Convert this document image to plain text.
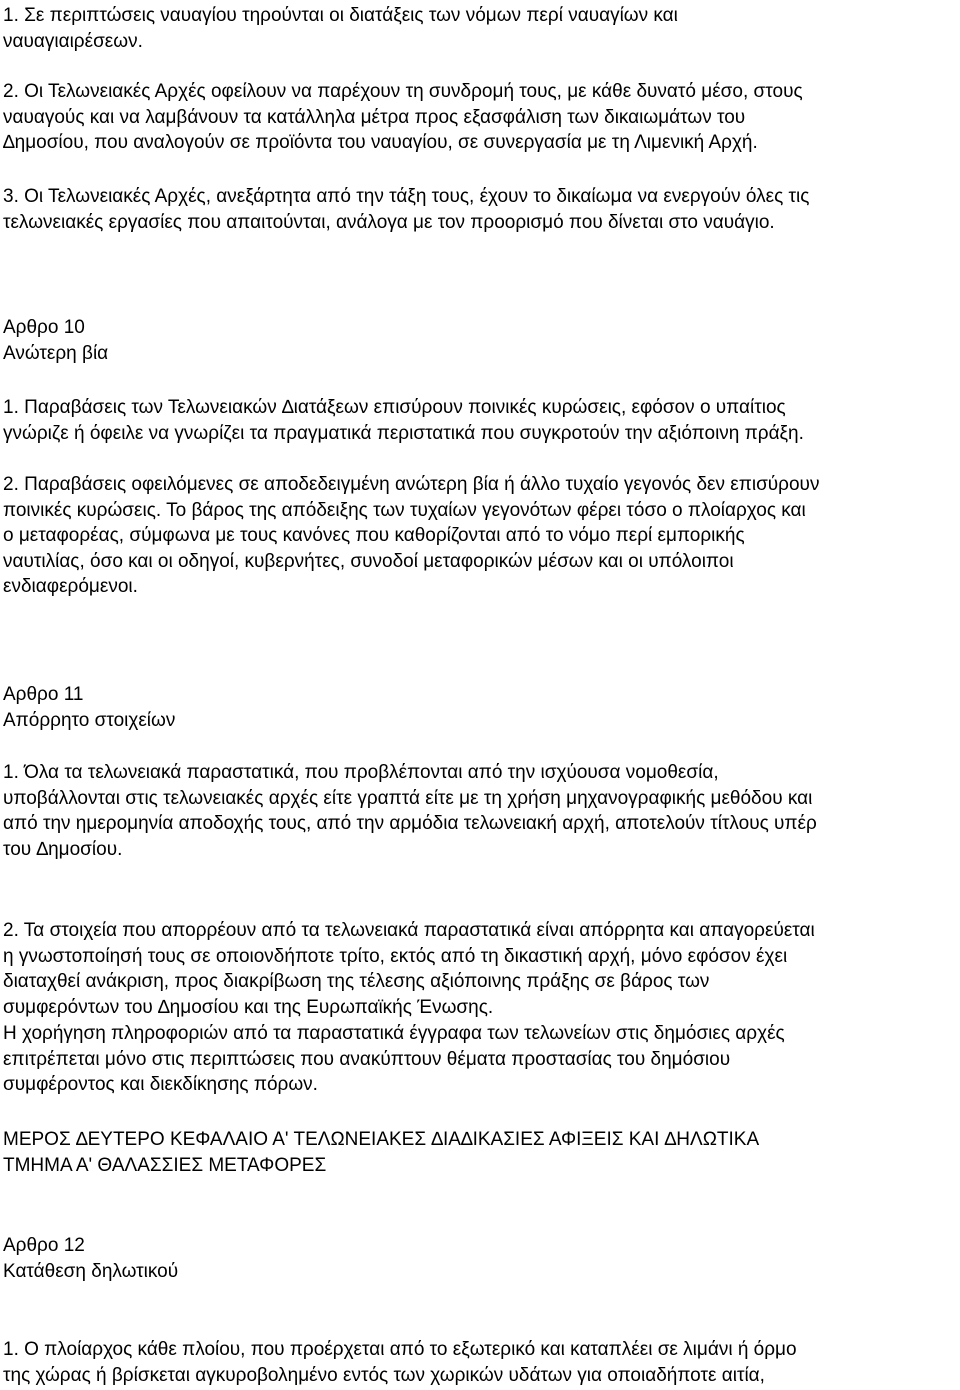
1. Σε περιπτώσεις ναυαγίου τηρούνται οι διατάξεις των νόμων περί ναυαγίων και
ναυαγιαιρέσεων.

2. Οι Τελωνειακές Αρχές οφείλουν να παρέχουν τη συνδρομή τους, με κάθε δυνατό μέσο, στους
ναυαγούς και να λαμβάνουν τα κατάλληλα μέτρα προς εξασφάλιση των δικαιωμάτων του
∆ημοσίου, που αναλογούν σε προϊόντα του ναυαγίου, σε συνεργασία με τη Λιμενική Αρχή.

3. Οι Τελωνειακές Αρχές, ανεξάρτητα από την τάξη τους, έχουν το δικαίωμα να ενεργούν όλες τις
τελωνειακές εργασίες που απαιτούνται, ανάλογα με τον προορισμό που δίνεται στο ναυάγιο.

Αρθρο 10
Ανώτερη βία

1. Παραβάσεις των Τελωνειακών ∆ιατάξεων επισύρουν ποινικές κυρώσεις, εφόσον ο υπαίτιος
γνώριζε ή όφειλε να γνωρίζει τα πραγματικά περιστατικά που συγκροτούν την αξιόποινη πράξη.

2. Παραβάσεις οφειλόμενες σε αποδεδειγμένη ανώτερη βία ή άλλο τυχαίο γεγονός δεν επισύρουν
ποινικές κυρώσεις. Το βάρος της απόδειξης των τυχαίων γεγονότων φέρει τόσο ο πλοίαρχος και
ο μεταφορέας, σύμφωνα με τους κανόνες που καθορίζονται από το νόμο περί εμπορικής
ναυτιλίας, όσο και οι οδηγοί, κυβερνήτες, συνοδοί μεταφορικών μέσων και οι υπόλοιποι
ενδιαφερόμενοι.

Αρθρο 11
Απόρρητο στοιχείων

1. Όλα τα τελωνειακά παραστατικά, που προβλέπονται από την ισχύουσα νομοθεσία,
υποβάλλονται στις τελωνειακές αρχές είτε γραπτά είτε με τη χρήση μηχανογραφικής μεθόδου και
από την ημερομηνία αποδοχής τους, από την αρμόδια τελωνειακή αρχή, αποτελούν τίτλους υπέρ
του ∆ημοσίου.

2. Τα στοιχεία που απορρέουν από τα τελωνειακά παραστατικά είναι απόρρητα και απαγορεύεται
η γνωστοποίησή τους σε οποιονδήποτε τρίτο, εκτός από τη δικαστική αρχή, μόνο εφόσον έχει
διαταχθεί ανάκριση, προς διακρίβωση της τέλεσης αξιόποινης πράξης σε βάρος των
συμφερόντων του ∆ημοσίου και της Ευρωπαϊκής Ένωσης.

Η χορήγηση πληροφοριών από τα παραστατικά έγγραφα των τελωνείων στις δημόσιες αρχές
επιτρέπεται μόνο στις περιπτώσεις που ανακύπτουν θέματα προστασίας του δημόσιου
συμφέροντος και διεκδίκησης πόρων.

ΜΕΡΟΣ ∆ΕΥΤΕΡΟ ΚΕΦΑΛΑΙΟ Α' ΤΕΛΩΝΕΙΑΚΕΣ ∆ΙΑ∆ΙΚΑΣΙΕΣ ΑΦΙΞΕΙΣ ΚΑΙ ∆ΗΛΩΤΙΚΑ
ΤΜΗΜΑ Α' ΘΑΛΑΣΣΙΕΣ ΜΕΤΑΦΟΡΕΣ
Αρθρο 12
Κατάθεση δηλωτικού

1. Ο πλοίαρχος κάθε πλοίου, που προέρχεται από το εξωτερικό και καταπλέει σε λιμάνι ή όρμο
της χώρας ή βρίσκεται αγκυροβολημένο εντός των χωρικών υδάτων για οποιαδήποτε αιτία,
